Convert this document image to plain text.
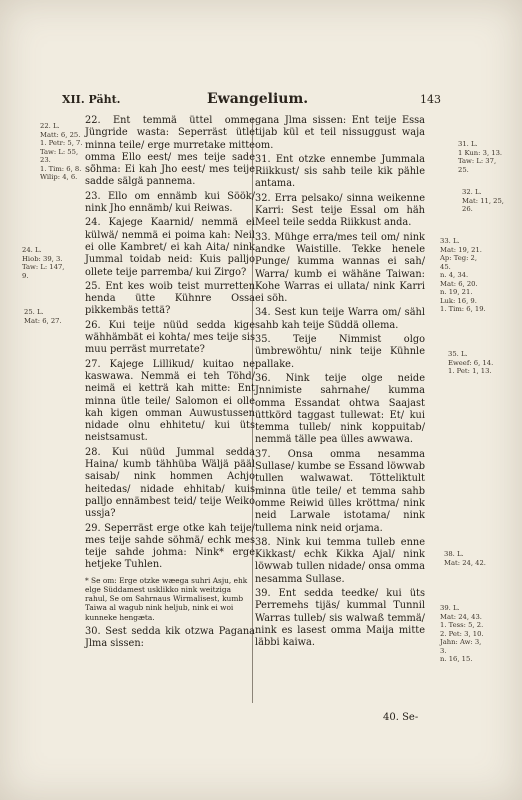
XII. Päht.	Ewangelium.	143

22. Ent temmä üttel omme Jüngride wasta: Seperräst ütle minna teile/ erge murretake mitte omma Ello eest/ mes teije sade sö̈hma: Ei kah Jho eest/ mes teije sadde sälgä pannema.

23. Ello om ennämb kui Söök/ nink Jho ennämb/ kui Reiwas.

24. Kajege Kaarnid/ nemmä ei külwä/ nemmä ei poima kah: Neil ei olle Kambret/ ei kah Aita/ nink Jummal toidab neid: Kuis palljo ollete teije parremba/ kui Zirgo?

25. Ent kes woib teist murretten henda ütte Kühnre Ossa pikkembäs tettä?

26. Kui teije nüüd sedda kige wähhämbät ei kohta/ mes teije sis muu perräst murretate?

27. Kajege Lillikud/ kuitao ne kaswawa. Nemmä ei teh Töhd/ neimä ei ketträ kah mitte: Ent minna ütle teile/ Salomon ei olle kah kigen omman Auwustussen nidade olnu ehhitetu/ kui üts neistsamust.

28. Kui nüüd Jummal sedda Haina/ kumb tähhüba Wäljä pääl saisab/ nink hommen Achjo heitedas/ nidade ehhitab/ kuis palljo ennämbest teid/ teije Weiko ussja?

29. Seperräst erge otke kah teije/ mes teije sahde söhmä/ echk mes teije sahde johma: Nink* erge hetjeke Tuhlen.

* Se om: Erge otzke wæega suhri Asju, ehk elge Süddamest usklikko nink weitziga rahul, Se om Sahrnaus Wirmalisest, kumb Taiwa al wagub nink heljub, nink ei woi kunneke hengæta.

30. Sest sedda kik otzwa Pagana Jlma sissen:

gana Jlma sissen: Ent teije Essa tijab kül et teil nissuggust waja om.

31. Ent otzke ennembe Jummala Riikkust/ sis sahb teile kik pähle antama.

32. Erra pelsako/ sinna weikenne Karri: Sest teije Essal om häh Meel teile sedda Riikkust anda.

33. Mühge erra/mes teil om/ nink andke Waistille. Tekke henele Punge/ kumma wannas ei sah/ Warra/ kumb ei wähäne Taiwan: Kohe Warras ei ullata/ nink Karri ei söh.

34. Sest kun teije Warra om/ sähl sahb kah teije Süddä ollema.

35. Teije Nimmist olgo ümbrewöhtu/ nink teije Kühnle pallake.

36. Nink teije olge neide Jnnimiste sahrnahe/ kumma omma Essandat ohtwa Saajast üttkörd taggast tullewat: Et/ kui temma tulleb/ nink koppuitab/ nemmä tälle pea ülles awwawa.

37. Onsa omma nesamma Sullase/ kumbe se Essand löwwab tullen walwawat. Tõtteliktult minna ütle teile/ et temma sahb omme Reiwid ülles kröttma/ nink neid Larwale istotama/ nink tullema nink neid orjama.

38. Nink kui temma tulleb enne Kikkast/ echk Kikka Ajal/ nink löwwab tullen nidade/ onsa omma nesamma Sullase.

39. Ent sedda teedke/ kui üts Perremehs tijäs/ kummal Tunnil Warras tulleb/ sis walwaß temmä/ nink es lasest omma Maija mitte läbbi kaiwa.

40. Se-
22. L.
Matt: 6, 25.
1. Petr: 5, 7.
Taw: L: 55,
23.
1. Tim: 6, 8.
Wilip: 4, 6.
24. L.
Hiob: 39, 3.
Taw: L: 147,
9.
25. L.
Mat: 6, 27.
31. L.
1 Kun: 3, 13.
Taw: L: 37,
25.
32. L.
Mat: 11, 25,
26.
33. L.
Mat: 19, 21.
Ap: Teg: 2,
45.
n. 4, 34.
Mat: 6, 20.
n. 19, 21.
Luk: 16, 9.
1. Tim: 6, 19.
35. L.
Eweef: 6, 14.
1. Pet: 1, 13.
38. L.
Mat: 24, 42.
39. L.
Mat: 24, 43.
1. Tess: 5, 2.
2. Pet: 3, 10.
Jahn: Aw: 3,
3.
n. 16, 15.
